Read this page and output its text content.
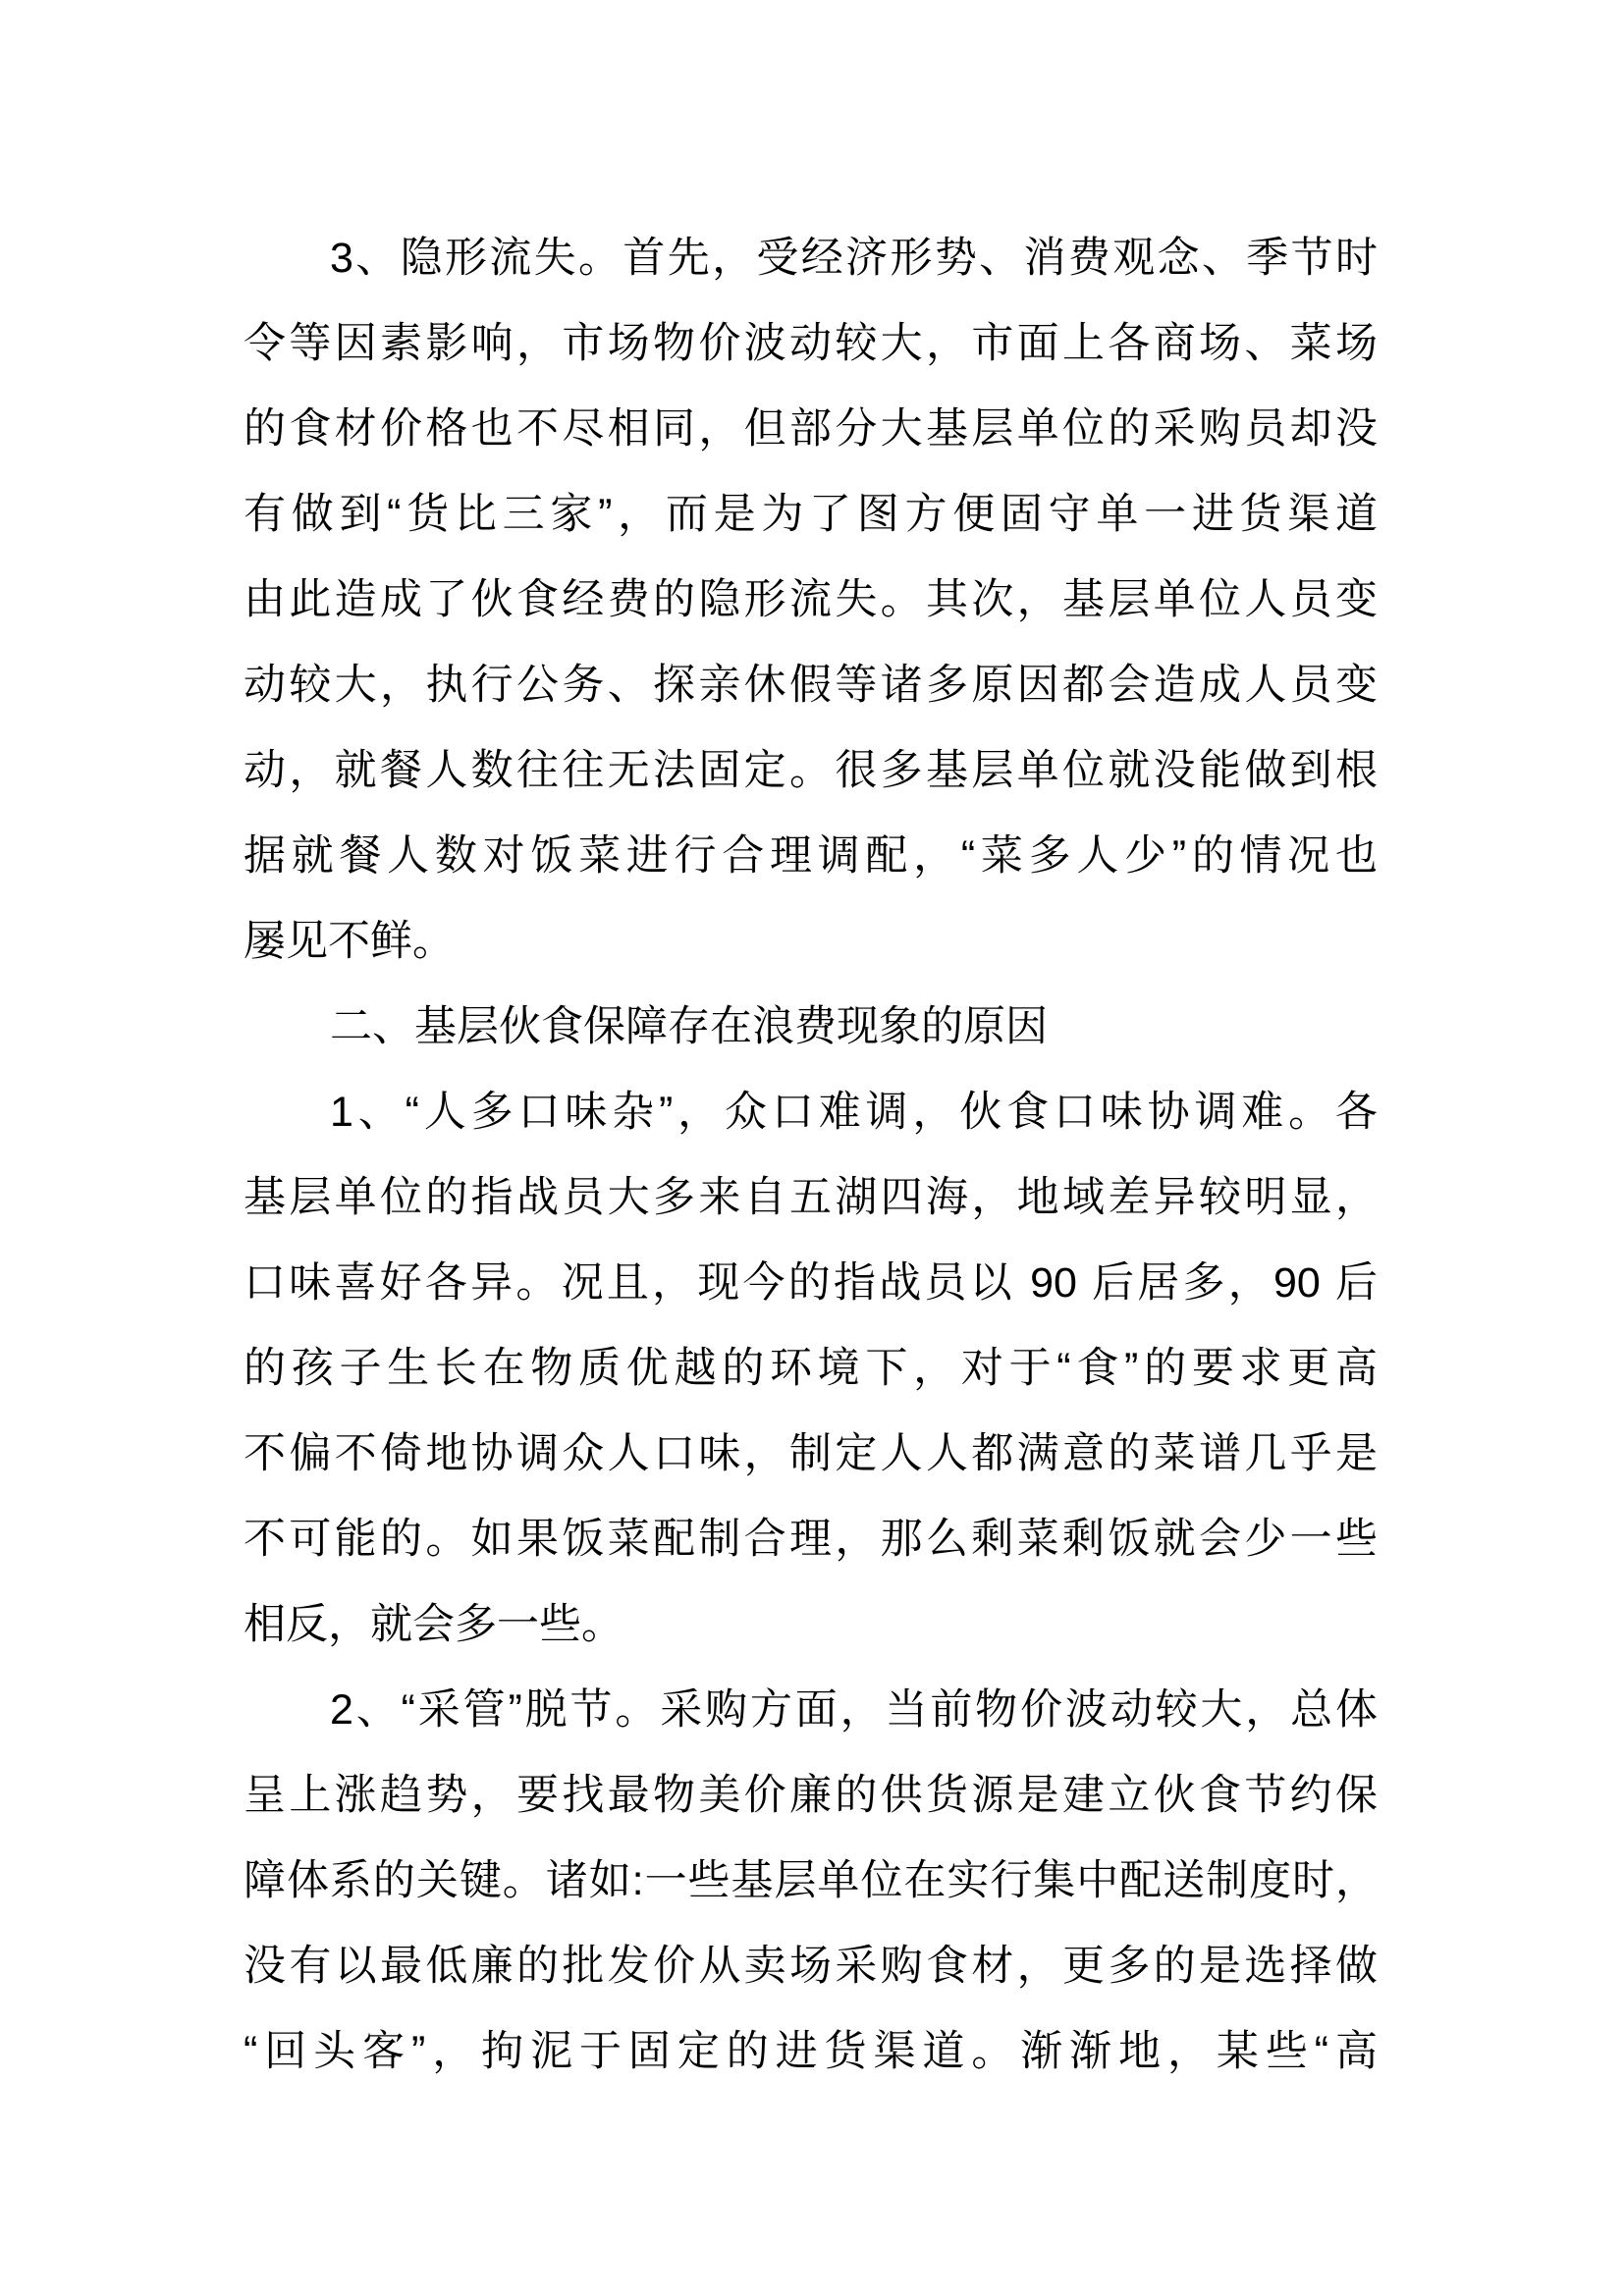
3、隐形流失。首先，受经济形势、消费观念、季节时
令等因素影响，市场物价波动较大，市面上各商场、菜场
的食材价格也不尽相同，但部分大基层单位的采购员却没
有做到“货比三家”，而是为了图方便固守单一进货渠道
由此造成了伙食经费的隐形流失。其次，基层单位人员变
动较大，执行公务、探亲休假等诸多原因都会造成人员变
动，就餐人数往往无法固定。很多基层单位就没能做到根
据就餐人数对饭菜进行合理调配，“菜多人少”的情况也
屡见不鲜。
二、基层伙食保障存在浪费现象的原因
1、“人多口味杂”，众口难调，伙食口味协调难。各
基层单位的指战员大多来自五湖四海，地域差异较明显，
口味喜好各异。况且，现今的指战员以 90 后居多，90 后
的孩子生长在物质优越的环境下，对于“食”的要求更高
不偏不倚地协调众人口味，制定人人都满意的菜谱几乎是
不可能的。如果饭菜配制合理，那么剩菜剩饭就会少一些
相反，就会多一些。
2、“采管”脱节。采购方面，当前物价波动较大，总体
呈上涨趋势，要找最物美价廉的供货源是建立伙食节约保
障体系的关键。诸如:一些基层单位在实行集中配送制度时，
没有以最低廉的批发价从卖场采购食材，更多的是选择做
“回头客”，拘泥于固定的进货渠道。渐渐地，某些“高
